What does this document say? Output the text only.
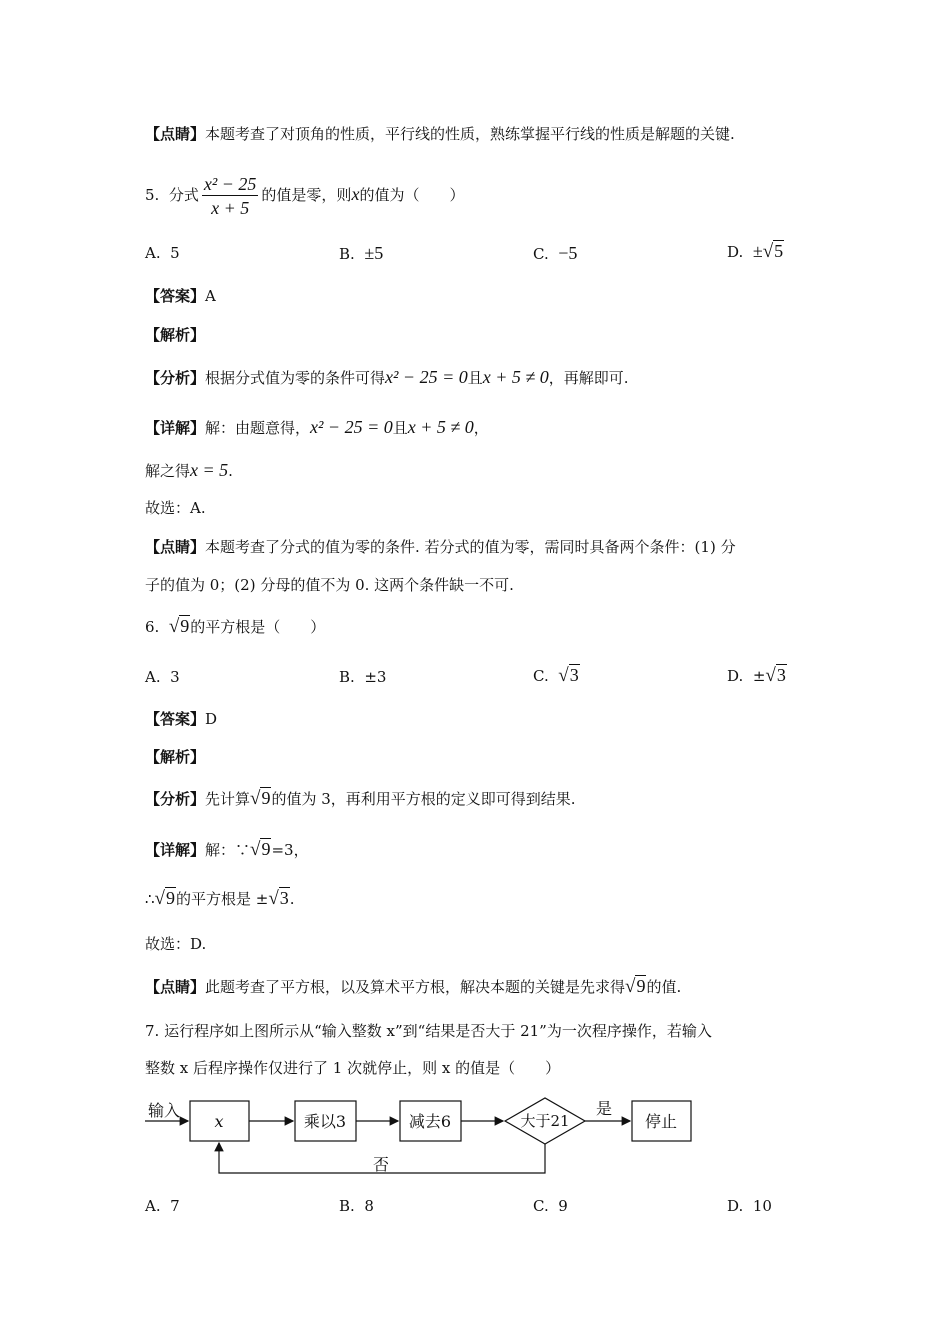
【点睛】本题考查了对顶角的性质，平行线的性质，熟练掌握平行线的性质是解题的关键.
5. 分式 $\frac{\text{x² − 25}}{x + 5}$ 的值是零，则x的值为（　　）
A. 5	B. ±5	C. −5	D. ±√5
【答案】A
【解析】
【分析】根据分式值为零的条件可得x² − 25 = 0且x + 5 ≠ 0，再解即可.
【详解】解：由题意得，x² − 25 = 0且x + 5 ≠ 0，
解之得x = 5.
故选：A.
【点睛】本题考查了分式的值为零的条件. 若分式的值为零，需同时具备两个条件：(1) 分
子的值为 0；(2) 分母的值不为 0. 这两个条件缺一不可.
6. √9的平方根是（　　）
A. 3	B. ±3	C. √3	D. ±√3
【答案】D
【解析】
【分析】先计算√9的值为 3，再利用平方根的定义即可得到结果.
【详解】解：∵√9=3，
∴√9的平方根是 ±√3.
故选：D.
【点睛】此题考查了平方根，以及算术平方根，解决本题的关键是先求得√9的值.
7. 运行程序如上图所示从“输入整数 x”到“结果是否大于 21”为一次程序操作，若输入
整数 x 后程序操作仅进行了 1 次就停止，则 x 的值是（　　）
输入
x	乘以3	减去6	大于21
是
停止
否
A. 7	B. 8	C. 9	D. 10
